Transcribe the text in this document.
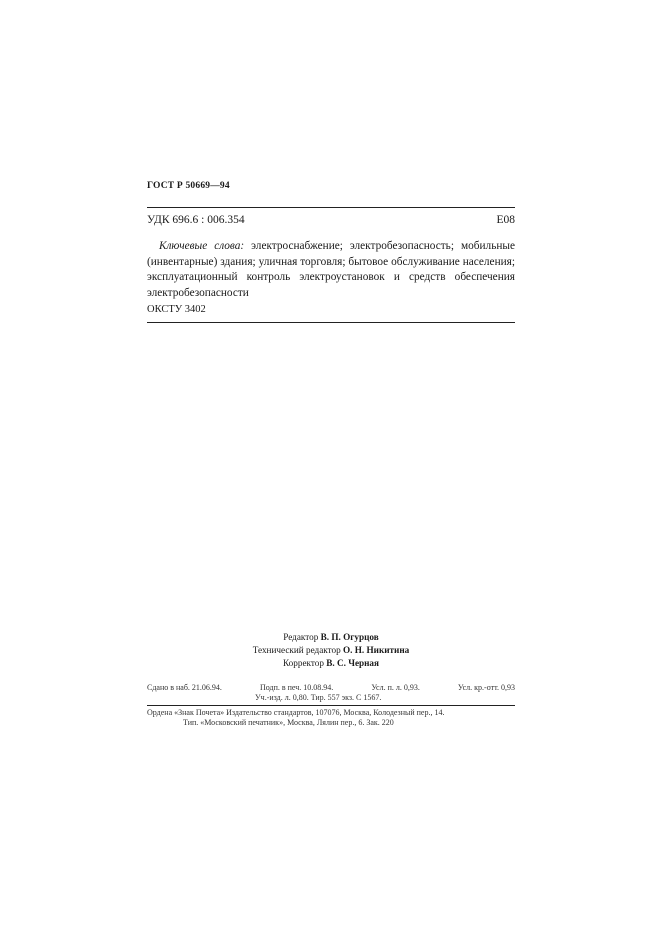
ГОСТ Р 50669—94
УДК 696.6 : 006.354	Е08

Ключевые слова: электроснабжение; электробезопасность; мобильные (инвентарные) здания; уличная торговля; бытовое обслуживание населения; эксплуатационный контроль электроустановок и средств обеспечения электробезопасности

ОКСТУ 3402
Редактор В. П. Огурцов
Технический редактор О. Н. Никитина
Корректор В. С. Черная
Сдано в наб. 21.06.94.	Подп. в печ. 10.08.94.	Усл. п. л. 0,93.	Усл. кр.-отт. 0,93
Уч.-изд. л. 0,80. Тир. 557 экз. С 1567.
Ордена «Знак Почета» Издательство стандартов, 107076, Москва, Колодезный пер., 14.
Тип. «Московский печатник», Москва, Лялин пер., 6. Зак. 220
